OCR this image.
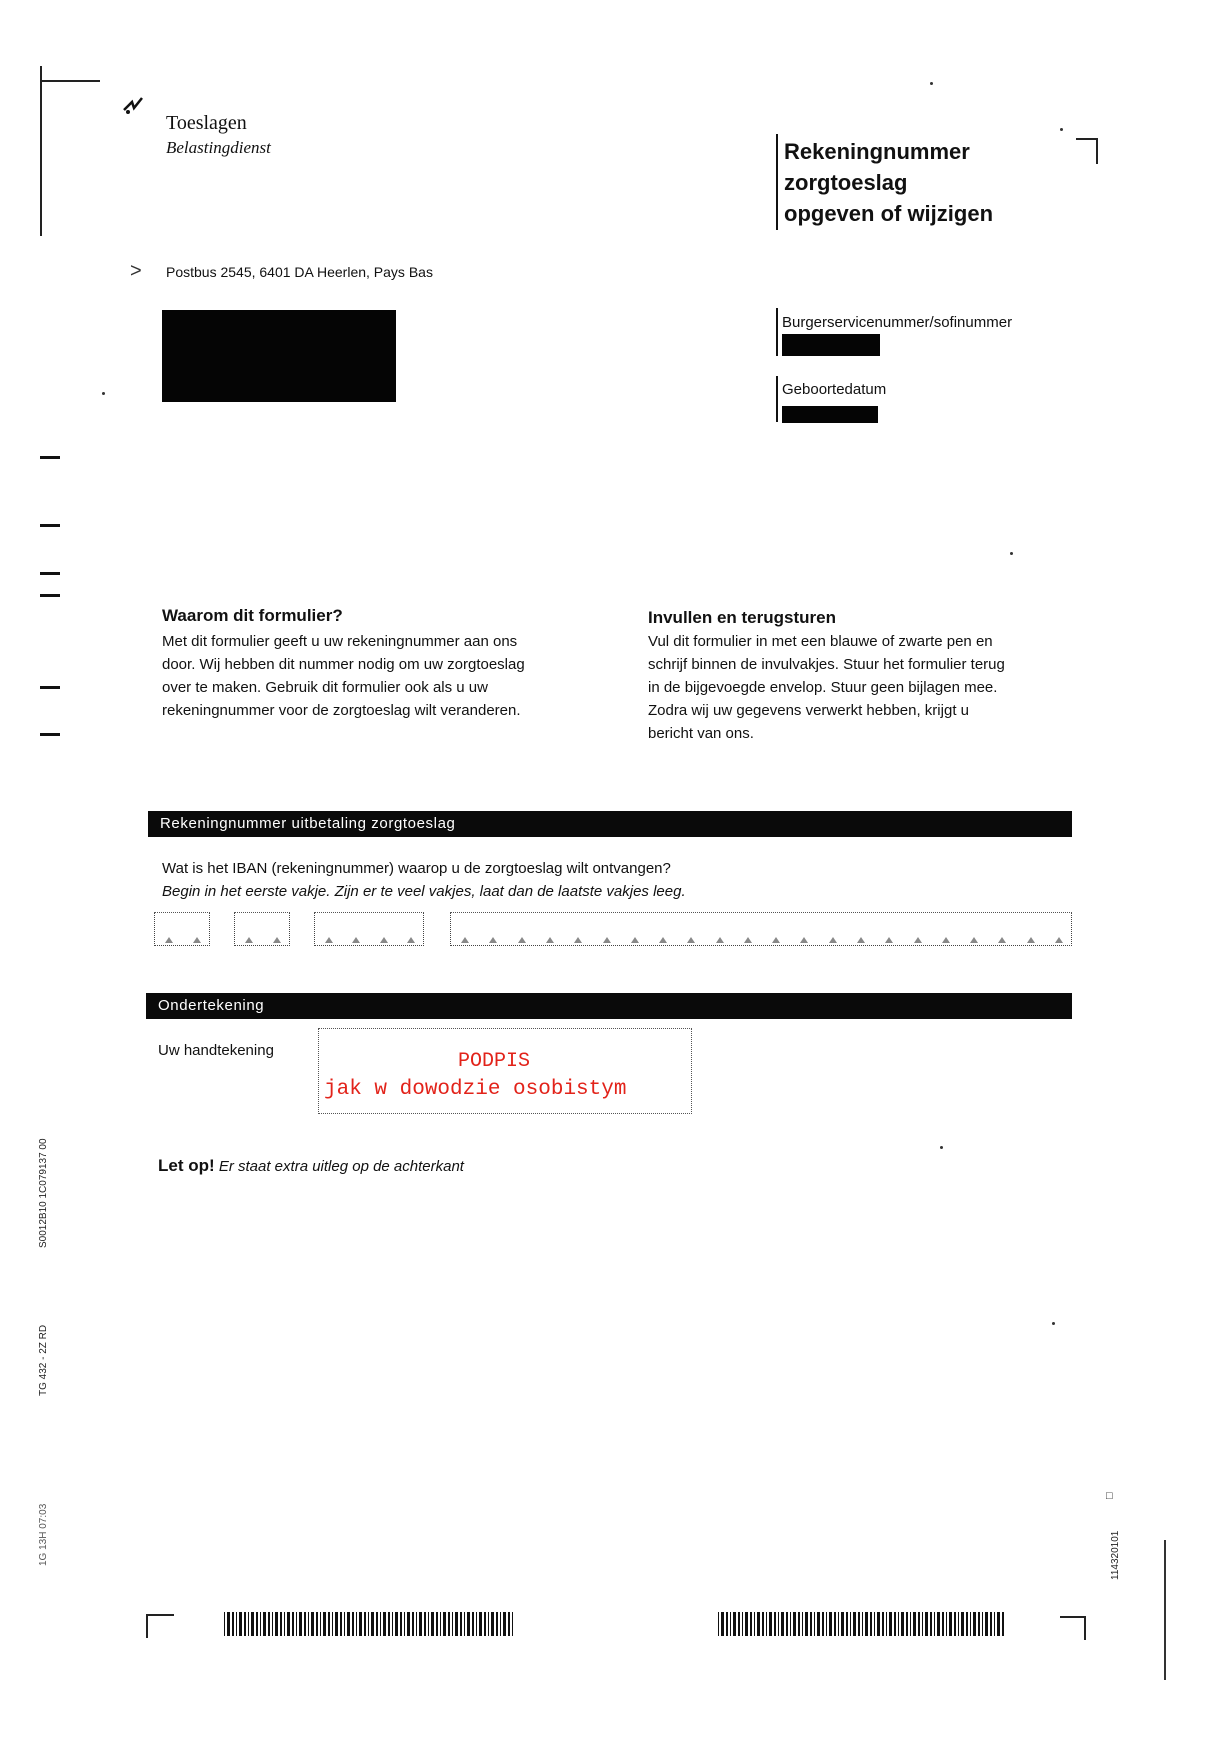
Toeslagen
Belastingdienst	Rekeningnummer
zorgtoeslag
opgeven of wijzigen
> Postbus 2545, 6401 DA Heerlen, Pays Bas
Burgerservicenummer/sofinummer
Geboortedatum
Waarom dit formulier?
Met dit formulier geeft u uw rekeningnummer aan ons
door. Wij hebben dit nummer nodig om uw zorgtoeslag
over te maken. Gebruik dit formulier ook als u uw
rekeningnummer voor de zorgtoeslag wilt veranderen.
Invullen en terugsturen
Vul dit formulier in met een blauwe of zwarte pen en
schrijf binnen de invulvakjes. Stuur het formulier terug
in de bijgevoegde envelop. Stuur geen bijlagen mee.
Zodra wij uw gegevens verwerkt hebben, krijgt u
bericht van ons.
Rekeningnummer uitbetaling zorgtoeslag
Wat is het IBAN (rekeningnummer) waarop u de zorgtoeslag wilt ontvangen?
Begin in het eerste vakje. Zijn er te veel vakjes, laat dan de laatste vakjes leeg.
Ondertekening
Uw handtekening	PODPIS
jak w dowodzie osobistym
Let op! Er staat extra uitleg op de achterkant
S0012B10 1C079137 00
TG 432 - 2Z RD
1G 13H 07:03	114320101
□
